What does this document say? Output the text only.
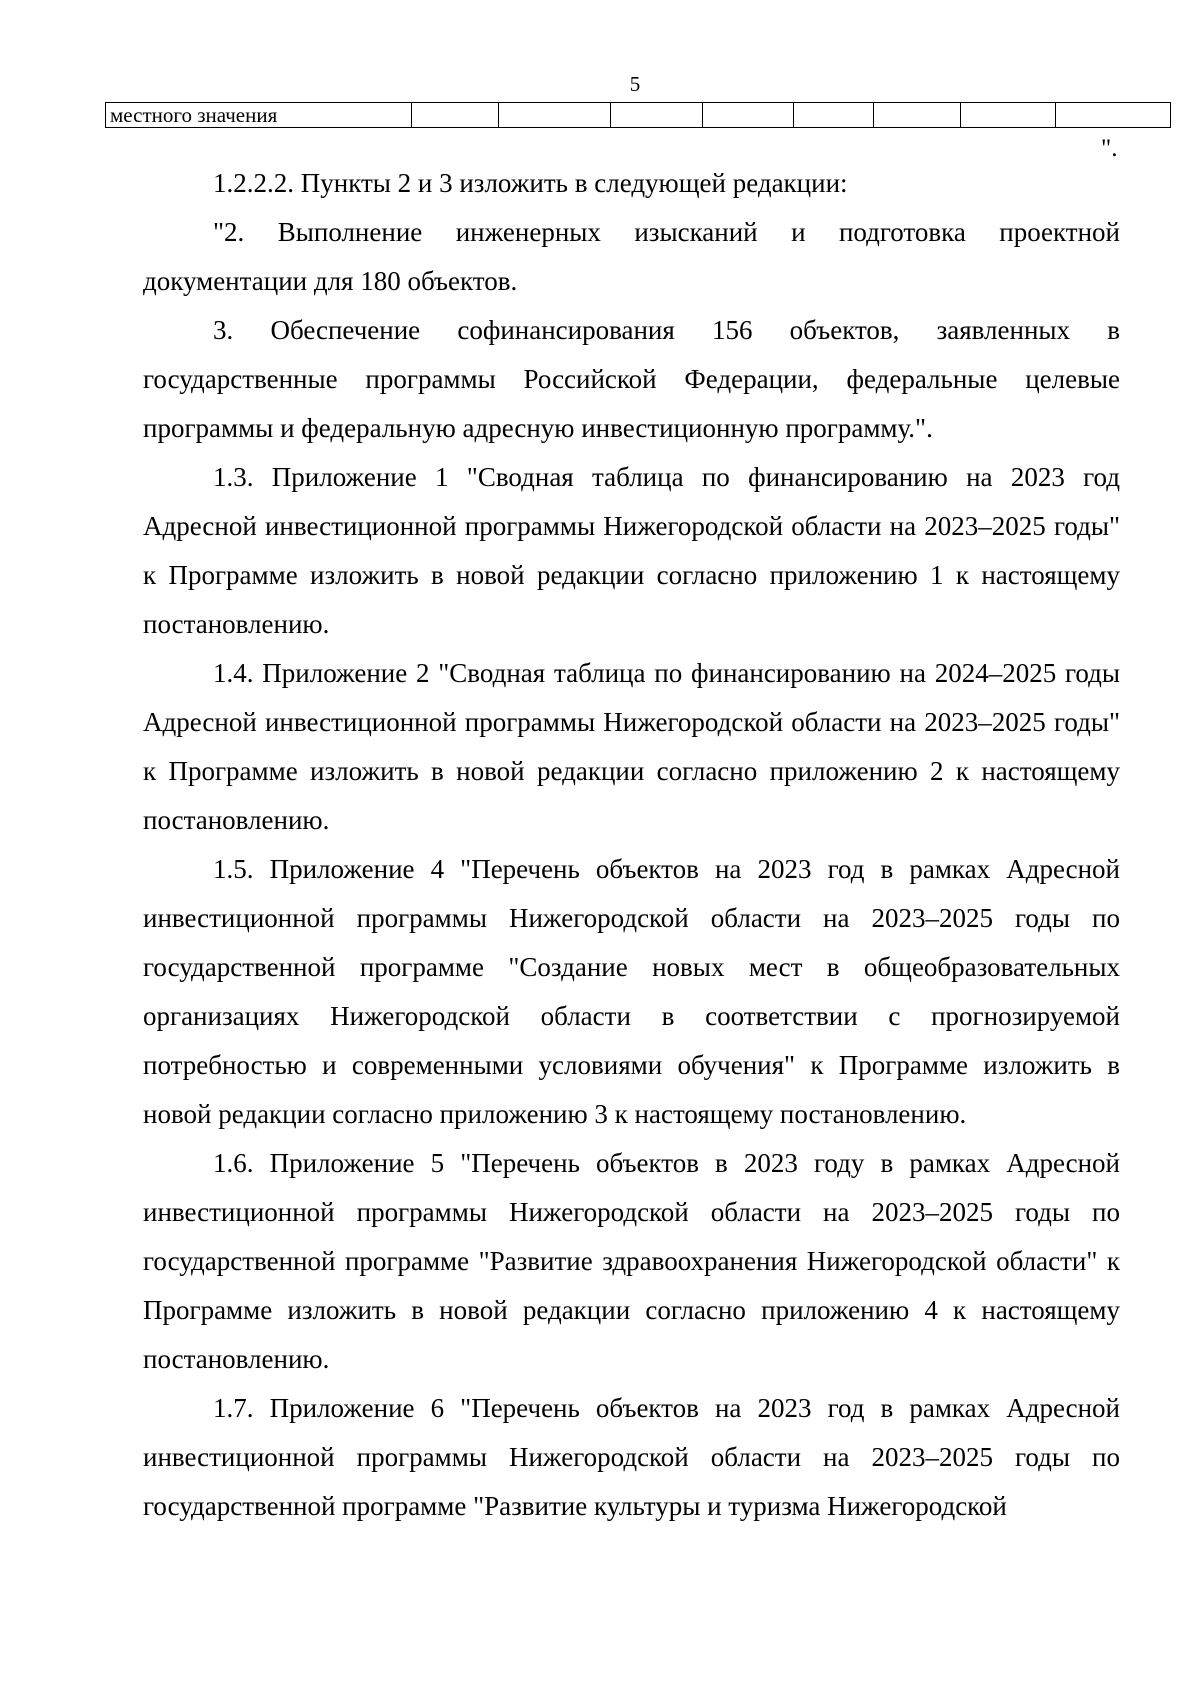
5
местного значения									
".

1.2.2.2. Пункты 2 и 3 изложить в следующей редакции:

"2. Выполнение инженерных изысканий и подготовка проектной документации для 180 объектов.

3. Обеспечение софинансирования 156 объектов, заявленных в государственные программы Российской Федерации, федеральные целевые программы и федеральную адресную инвестиционную программу.".

1.3. Приложение 1 "Сводная таблица по финансированию на 2023 год Адресной инвестиционной программы Нижегородской области на 2023–2025 годы" к Программе изложить в новой редакции согласно приложению 1 к настоящему постановлению.

1.4. Приложение 2 "Сводная таблица по финансированию на 2024–2025 годы Адресной инвестиционной программы Нижегородской области на 2023–2025 годы" к Программе изложить в новой редакции согласно приложению 2 к настоящему постановлению.

1.5. Приложение 4 "Перечень объектов на 2023 год в рамках Адресной инвестиционной программы Нижегородской области на 2023–2025 годы по государственной программе "Создание новых мест в общеобразовательных организациях Нижегородской области в соответствии с прогнозируемой потребностью и современными условиями обучения" к Программе изложить в новой редакции согласно приложению 3 к настоящему постановлению.

1.6. Приложение 5 "Перечень объектов в 2023 году в рамках Адресной инвестиционной программы Нижегородской области на 2023–2025 годы по государственной программе "Развитие здравоохранения Нижегородской области" к Программе изложить в новой редакции согласно приложению 4 к настоящему постановлению.

1.7. Приложение 6 "Перечень объектов на 2023 год в рамках Адресной инвестиционной программы Нижегородской области на 2023–2025 годы по государственной программе "Развитие культуры и туризма Нижегородской
